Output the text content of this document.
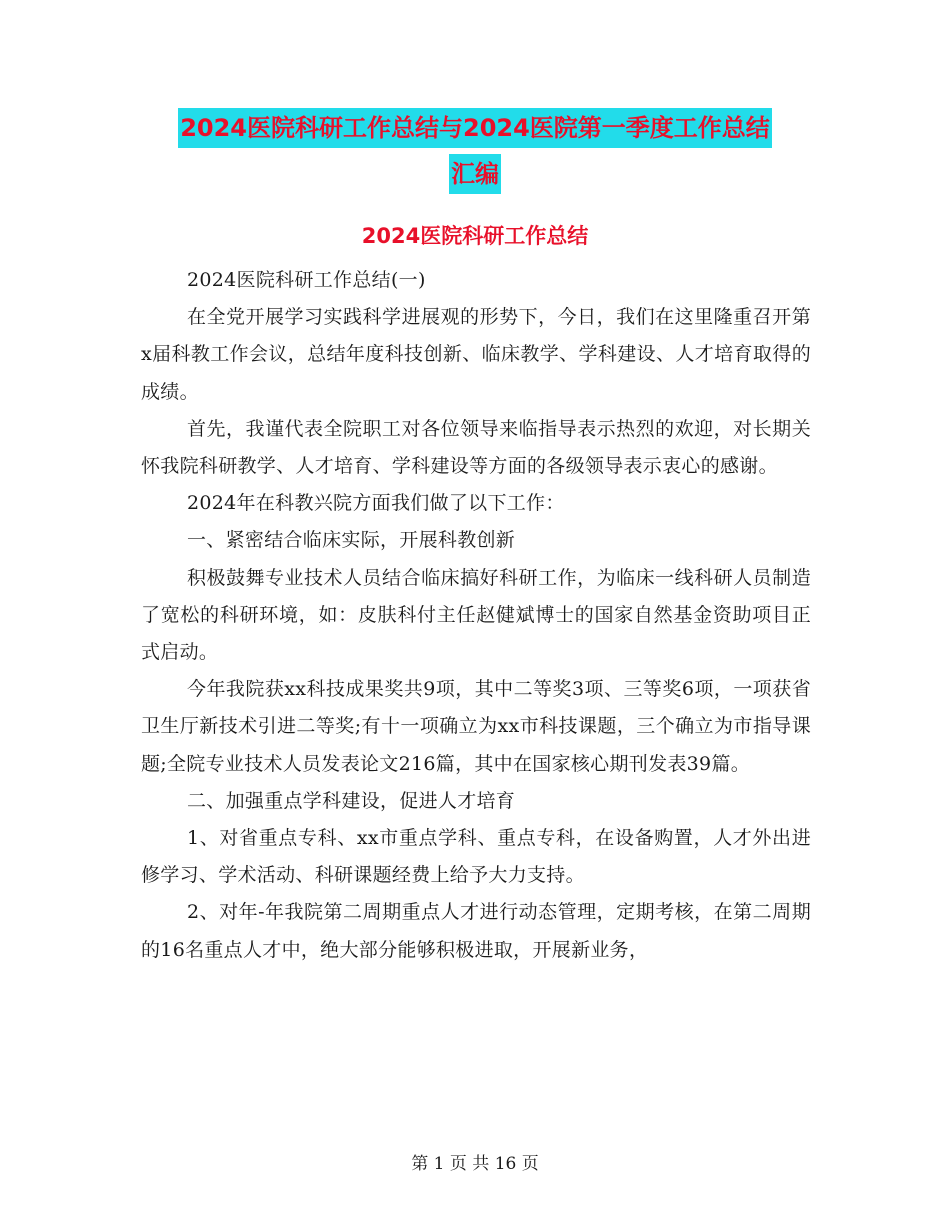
2024医院科研工作总结与2024医院第一季度工作总结
汇编
2024医院科研工作总结

2024医院科研工作总结(一)

在全党开展学习实践科学进展观的形势下，今日，我们在这里隆重召开第x届科教工作会议，总结年度科技创新、临床教学、学科建设、人才培育取得的成绩。

首先，我谨代表全院职工对各位领导来临指导表示热烈的欢迎，对长期关怀我院科研教学、人才培育、学科建设等方面的各级领导表示衷心的感谢。

2024年在科教兴院方面我们做了以下工作：

一、紧密结合临床实际，开展科教创新

积极鼓舞专业技术人员结合临床搞好科研工作，为临床一线科研人员制造了宽松的科研环境，如：皮肤科付主任赵健斌博士的国家自然基金资助项目正式启动。

今年我院获xx科技成果奖共9项，其中二等奖3项、三等奖6项，一项获省卫生厅新技术引进二等奖;有十一项确立为xx市科技课题，三个确立为市指导课题;全院专业技术人员发表论文216篇，其中在国家核心期刊发表39篇。

二、加强重点学科建设，促进人才培育

1、对省重点专科、xx市重点学科、重点专科，在设备购置，人才外出进修学习、学术活动、科研课题经费上给予大力支持。

2、对年-年我院第二周期重点人才进行动态管理，定期考核，在第二周期的16名重点人才中，绝大部分能够积极进取，开展新业务，

第 1 页 共 16 页
